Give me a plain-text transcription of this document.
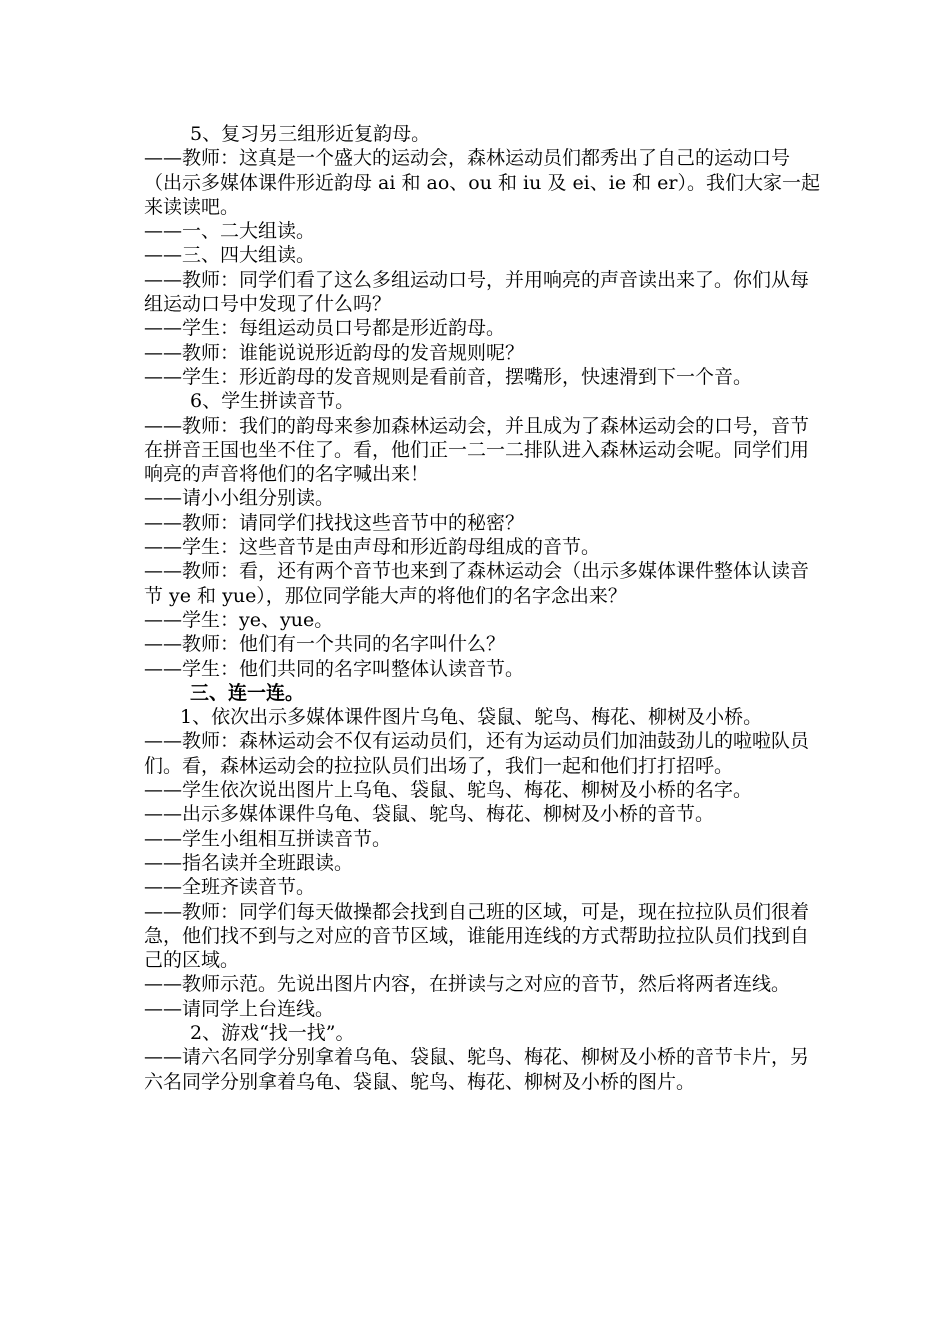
5、复习另三组形近复韵母。

——教师：这真是一个盛大的运动会，森林运动员们都秀出了自己的运动口号（出示多媒体课件形近韵母 ai 和 ao、ou 和 iu 及 ei、ie 和 er）。我们大家一起来读读吧。

——一、二大组读。

——三、四大组读。

——教师：同学们看了这么多组运动口号，并用响亮的声音读出来了。你们从每组运动口号中发现了什么吗？

——学生：每组运动员口号都是形近韵母。

——教师：谁能说说形近韵母的发音规则呢？

——学生：形近韵母的发音规则是看前音，摆嘴形，快速滑到下一个音。

6、学生拼读音节。

——教师：我们的韵母来参加森林运动会，并且成为了森林运动会的口号，音节在拼音王国也坐不住了。看，他们正一二一二排队进入森林运动会呢。同学们用响亮的声音将他们的名字喊出来！

——请小小组分别读。

——教师：请同学们找找这些音节中的秘密？

——学生：这些音节是由声母和形近韵母组成的音节。

——教师：看，还有两个音节也来到了森林运动会（出示多媒体课件整体认读音节 ye 和 yue），那位同学能大声的将他们的名字念出来？

——学生：ye、yue。

——教师：他们有一个共同的名字叫什么？

——学生：他们共同的名字叫整体认读音节。

三、连一连。

1、依次出示多媒体课件图片乌龟、袋鼠、鸵鸟、梅花、柳树及小桥。

——教师：森林运动会不仅有运动员们，还有为运动员们加油鼓劲儿的啦啦队员们。看，森林运动会的拉拉队员们出场了，我们一起和他们打打招呼。

——学生依次说出图片上乌龟、袋鼠、鸵鸟、梅花、柳树及小桥的名字。

——出示多媒体课件乌龟、袋鼠、鸵鸟、梅花、柳树及小桥的音节。

——学生小组相互拼读音节。

——指名读并全班跟读。

——全班齐读音节。

——教师：同学们每天做操都会找到自己班的区域，可是，现在拉拉队员们很着急，他们找不到与之对应的音节区域，谁能用连线的方式帮助拉拉队员们找到自己的区域。

——教师示范。先说出图片内容，在拼读与之对应的音节，然后将两者连线。

——请同学上台连线。

2、游戏“找一找”。

——请六名同学分别拿着乌龟、袋鼠、鸵鸟、梅花、柳树及小桥的音节卡片，另六名同学分别拿着乌龟、袋鼠、鸵鸟、梅花、柳树及小桥的图片。
